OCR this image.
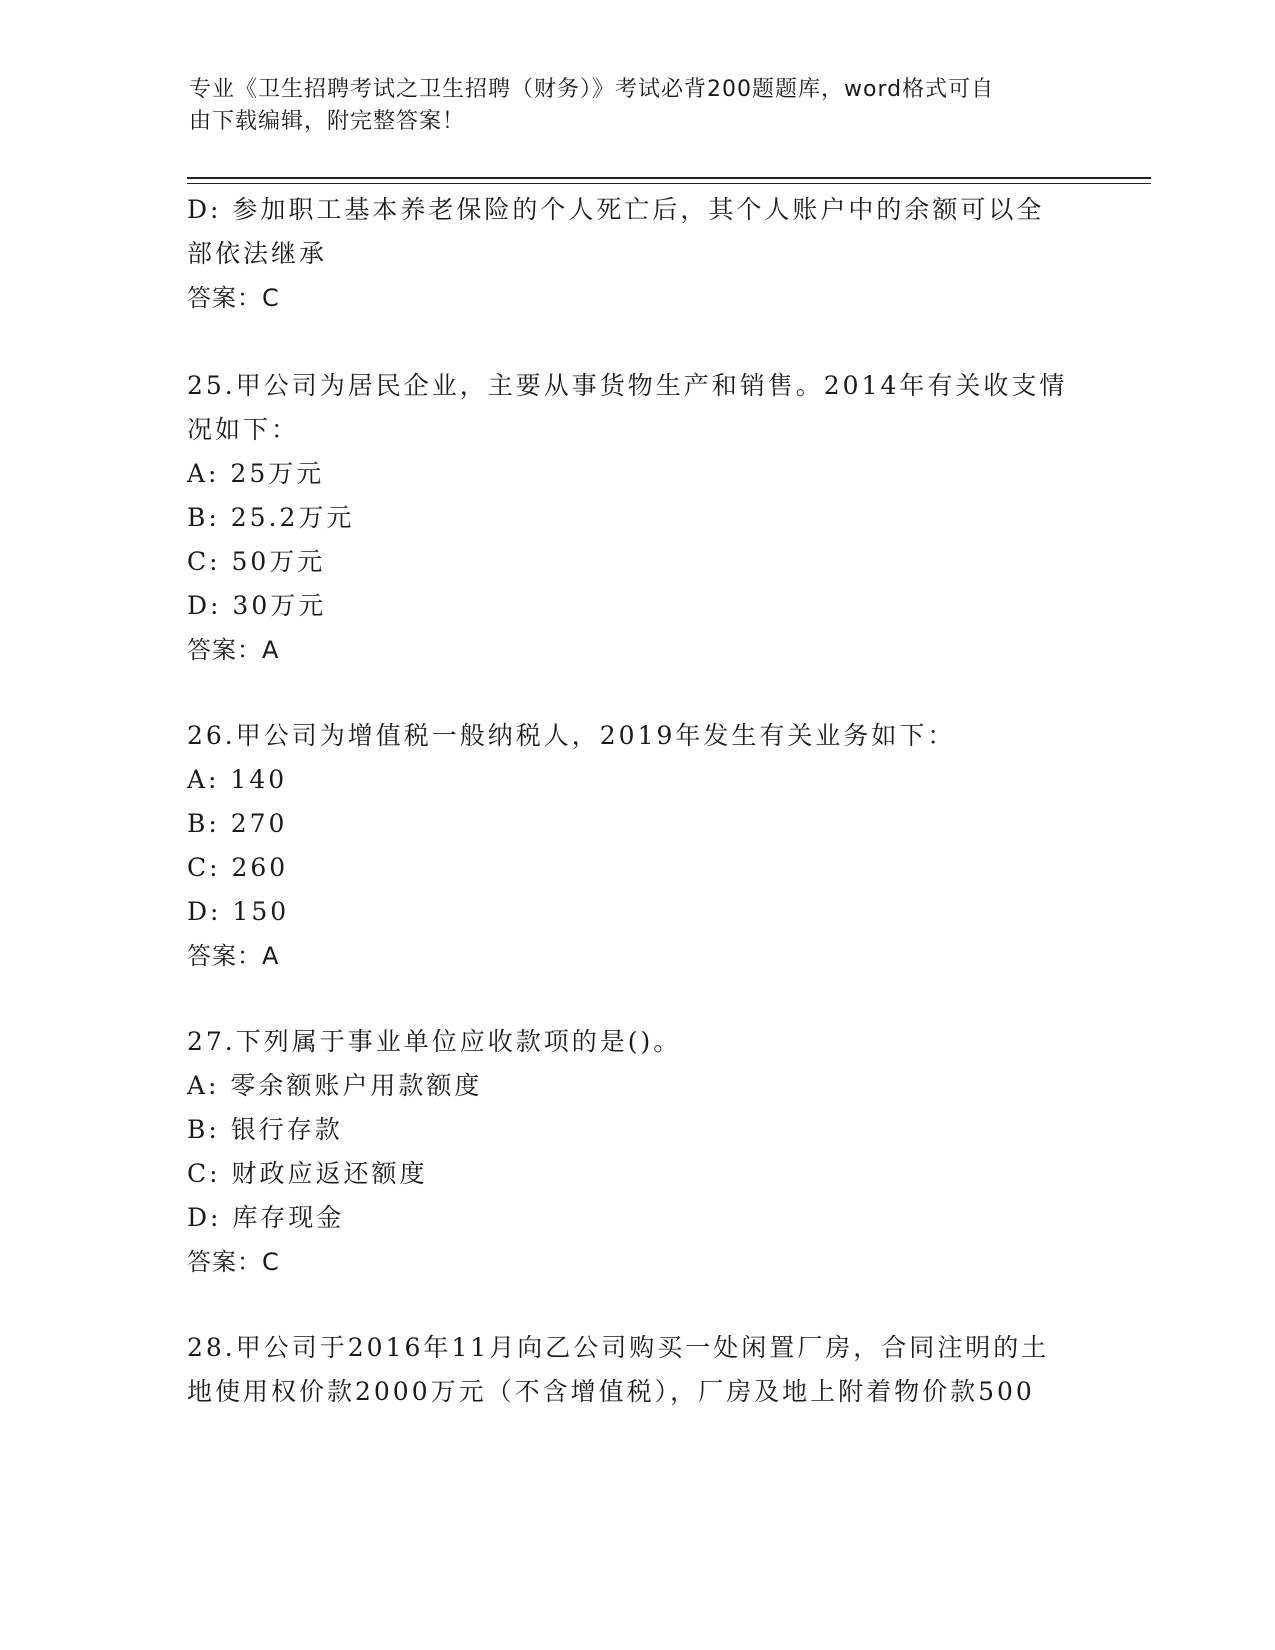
专业《卫生招聘考试之卫生招聘（财务）》考试必背200题题库，word格式可自
由下载编辑，附完整答案！
D: 参加职工基本养老保险的个人死亡后，其个人账户中的余额可以全
部依法继承
答案：C
25.甲公司为居民企业，主要从事货物生产和销售。2014年有关收支情
况如下：
A: 25万元
B: 25.2万元
C: 50万元
D: 30万元
答案：A
26.甲公司为增值税一般纳税人，2019年发生有关业务如下：
A: 140
B: 270
C: 260
D: 150
答案：A
27.下列属于事业单位应收款项的是()。
A: 零余额账户用款额度
B: 银行存款
C: 财政应返还额度
D: 库存现金
答案：C
28.甲公司于2016年11月向乙公司购买一处闲置厂房，合同注明的土
地使用权价款2000万元（不含增值税），厂房及地上附着物价款500
